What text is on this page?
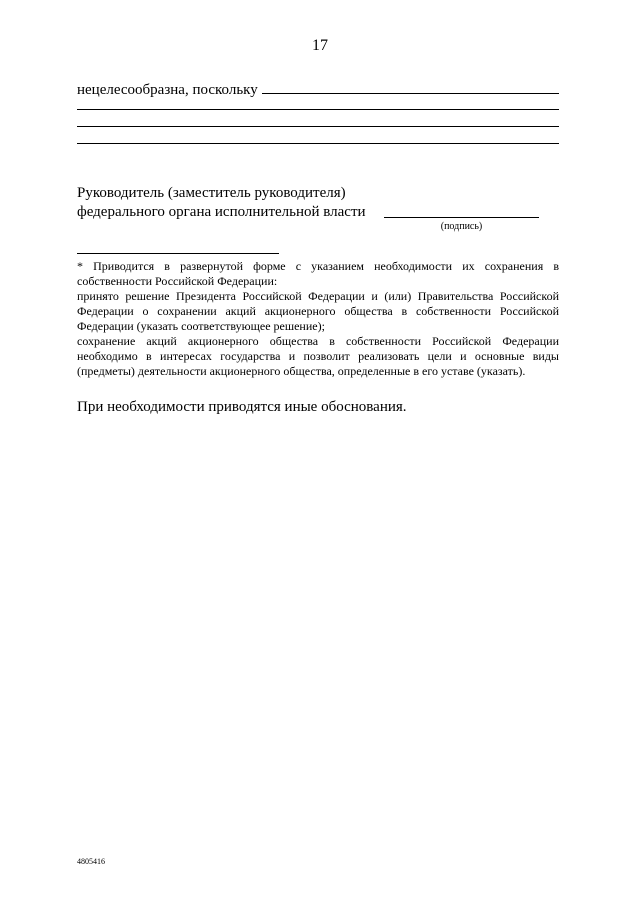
17
нецелесообразна, поскольку
Руководитель (заместитель руководителя)
федерального органа исполнительной власти
(подпись)

* Приводится в развернутой форме с указанием необходимости их сохранения в собственности Российской Федерации:

принято решение Президента Российской Федерации и (или) Правительства Российской Федерации о сохранении акций акционерного общества в собственности Российской Федерации (указать соответствующее решение);

сохранение акций акционерного общества в собственности Российской Федерации необходимо в интересах государства и позволит реализовать цели и основные виды (предметы) деятельности акционерного общества, определенные в его уставе (указать).

При необходимости приводятся иные обоснования.
4805416
